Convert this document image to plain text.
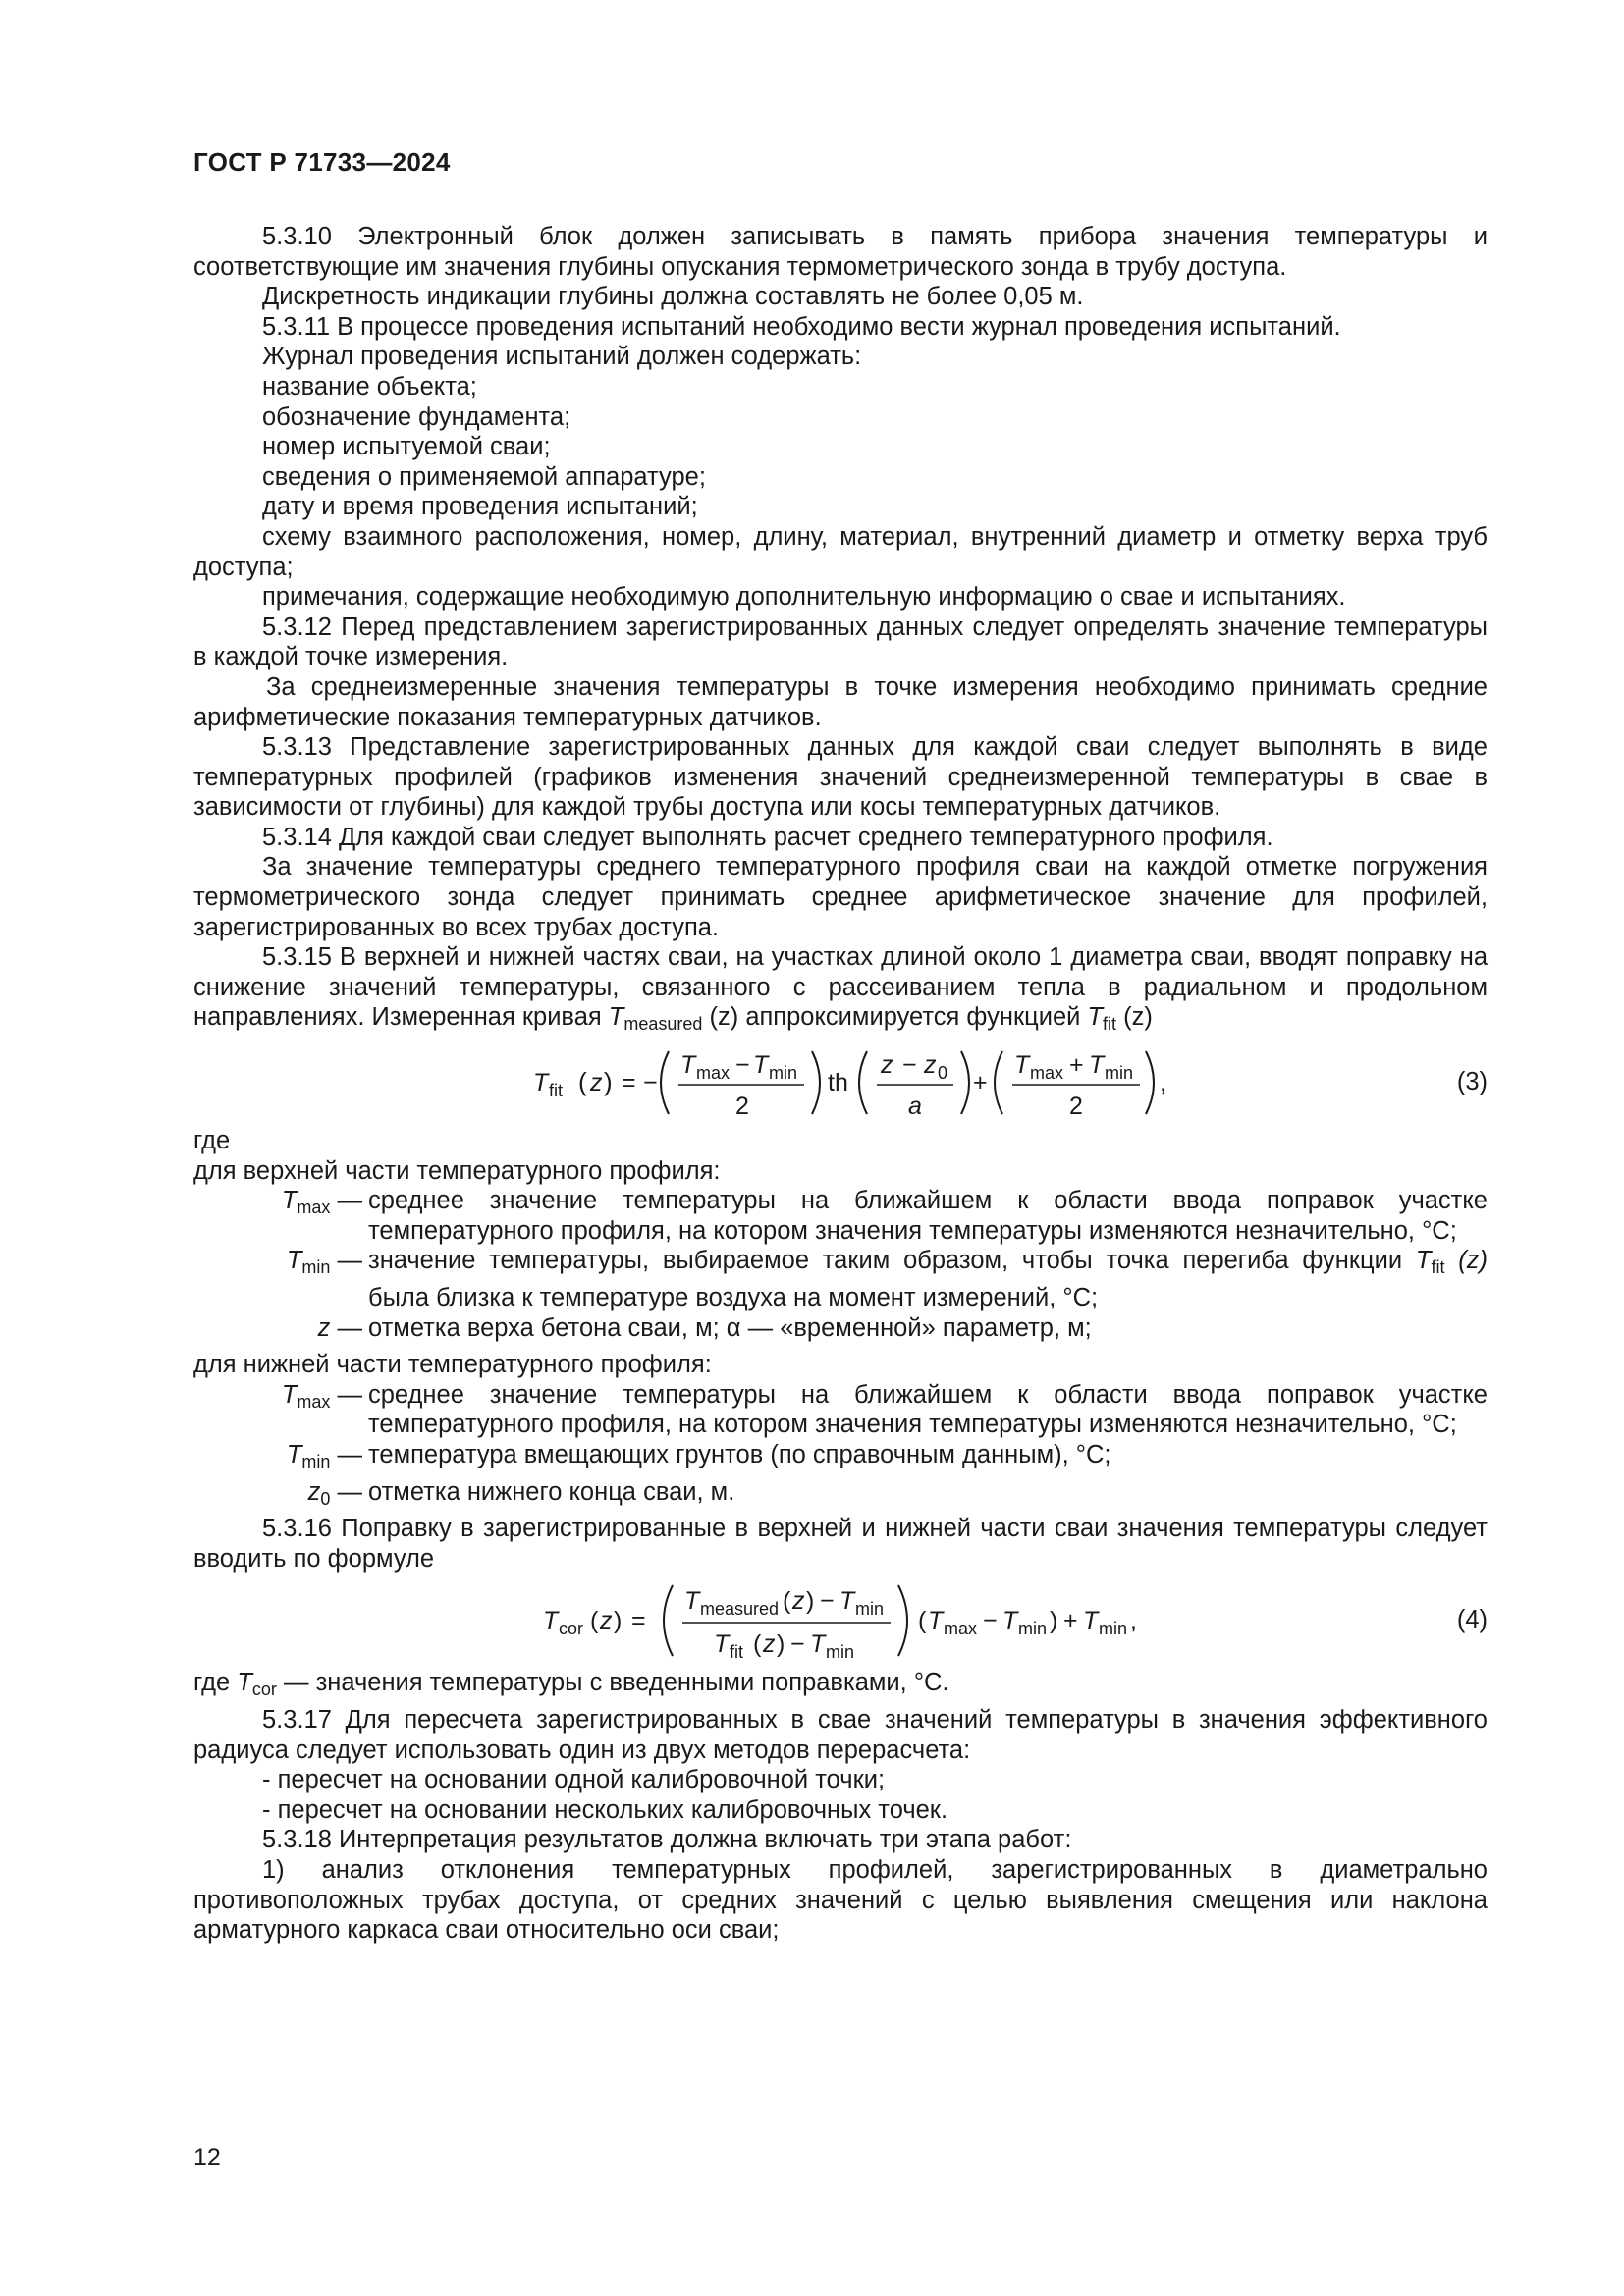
ГОСТ Р 71733—2024

5.3.10 Электронный блок должен записывать в память прибора значения температуры и соответствующие им значения глубины опускания термометрического зонда в трубу доступа.

Дискретность индикации глубины должна составлять не более 0,05 м.

5.3.11 В процессе проведения испытаний необходимо вести журнал проведения испытаний.

Журнал проведения испытаний должен содержать:

название объекта;

обозначение фундамента;

номер испытуемой сваи;

сведения о применяемой аппаратуре;

дату и время проведения испытаний;

схему взаимного расположения, номер, длину, материал, внутренний диаметр и отметку верха труб доступа;

примечания, содержащие необходимую дополнительную информацию о свае и испытаниях.

5.3.12 Перед представлением зарегистрированных данных следует определять значение температуры в каждой точке измерения.

За среднеизмеренные значения температуры в точке измерения необходимо принимать средние арифметические показания температурных датчиков.

5.3.13 Представление зарегистрированных данных для каждой сваи следует выполнять в виде температурных профилей (графиков изменения значений среднеизмеренной температуры в свае в зависимости от глубины) для каждой трубы доступа или косы температурных датчиков.

5.3.14 Для каждой сваи следует выполнять расчет среднего температурного профиля.

За значение температуры среднего температурного профиля сваи на каждой отметке погружения термометрического зонда следует принимать среднее арифметическое значение для профилей, зарегистрированных во всех трубах доступа.

5.3.15 В верхней и нижней частях сваи, на участках длиной около 1 диаметра сваи, вводят поправку на снижение значений температуры, связанного с рассеиванием тепла в радиальном и продольном направлениях. Измеренная кривая $T_{measured}$ (z) аппроксимируется функцией $T_{fit}$ (z)

T fit ( z ) = −
T max − T min
2
th
z − z 0
a
+
T max + T min
2
,	(3)

где

для верхней части температурного профиля:

$T_{max}$ — среднее значение температуры на ближайшем к области ввода поправок участке температурного профиля, на котором значения температуры изменяются незначительно, °С;
$T_{min}$ — значение температуры, выбираемое таким образом, чтобы точка перегиба функции $T_{fit}$ (z) была близка к температуре воздуха на момент измерений, °С;
z — отметка верха бетона сваи, м; α — «временной» параметр, м;

для нижней части температурного профиля:

$T_{max}$ — среднее значение температуры на ближайшем к области ввода поправок участке температурного профиля, на котором значения температуры изменяются незначительно, °С;
$T_{min}$ — температура вмещающих грунтов (по справочным данным), °С;
$z_0$ — отметка нижнего конца сваи, м.

5.3.16 Поправку в зарегистрированные в верхней и нижней части сваи значения температуры следует вводить по формуле

T cor ( z ) =
T measured ( z ) − T min
T fit ( z ) − T min
( T max − T min ) + T min ,	(4)

где $T_{cor}$ — значения температуры с введенными поправками, °С.

5.3.17 Для пересчета зарегистрированных в свае значений температуры в значения эффективного радиуса следует использовать один из двух методов перерасчета:

- пересчет на основании одной калибровочной точки;

- пересчет на основании нескольких калибровочных точек.

5.3.18 Интерпретация результатов должна включать три этапа работ:

1) анализ отклонения температурных профилей, зарегистрированных в диаметрально противоположных трубах доступа, от средних значений с целью выявления смещения или наклона арматурного каркаса сваи относительно оси сваи;

12
